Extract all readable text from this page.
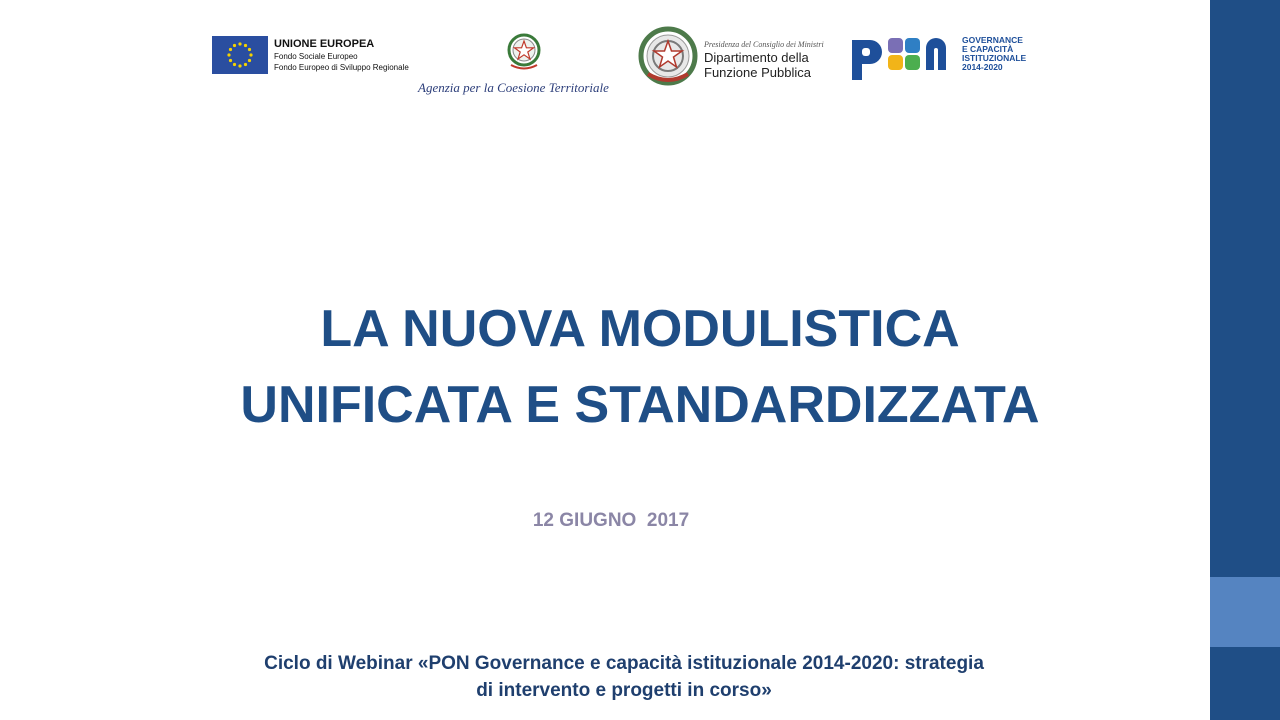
UNIONE EUROPEA
Fondo Sociale Europeo
Fondo Europeo di Sviluppo Regionale
Agenzia per la Coesione Territoriale
Presidenza del Consiglio dei Ministri
Dipartimento della
Funzione Pubblica
GOVERNANCE
E CAPACITÀ
ISTITUZIONALE
2014-2020
LA NUOVA MODULISTICA
UNIFICATA E STANDARDIZZATA
12 GIUGNO  2017
Ciclo di Webinar «PON Governance e capacità istituzionale 2014-2020: strategia
di intervento e progetti in corso»
